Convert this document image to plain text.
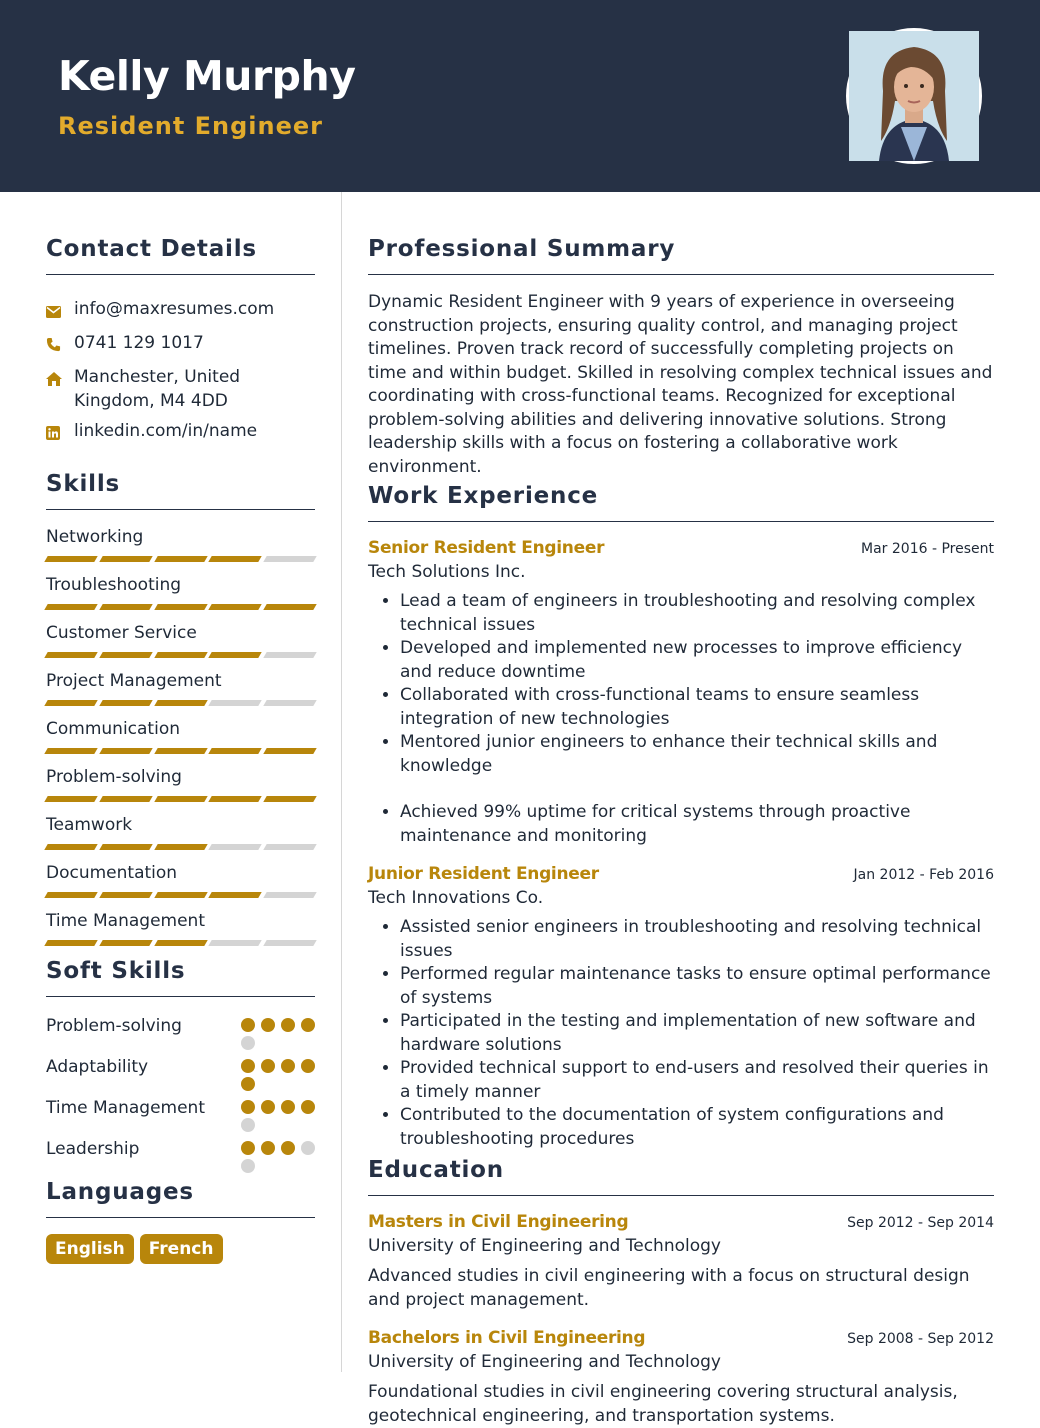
Kelly Murphy
Resident Engineer
Contact Details
info@maxresumes.com
0741 129 1017
Manchester, United Kingdom, M4 4DD
linkedin.com/in/name
Skills
Networking
Troubleshooting
Customer Service
Project Management
Communication
Problem-solving
Teamwork
Documentation
Time Management
Soft Skills
Problem-solving
Adaptability
Time Management
Leadership
Languages
English	French
Professional Summary
Dynamic Resident Engineer with 9 years of experience in overseeing construction projects, ensuring quality control, and managing project timelines. Proven track record of successfully completing projects on time and within budget. Skilled in resolving complex technical issues and coordinating with cross-functional teams. Recognized for exceptional problem-solving abilities and delivering innovative solutions. Strong leadership skills with a focus on fostering a collaborative work environment.
Work Experience
Senior Resident Engineer	Mar 2016 - Present
Tech Solutions Inc.
• Lead a team of engineers in troubleshooting and resolving complex technical issues
• Developed and implemented new processes to improve efficiency and reduce downtime
• Collaborated with cross-functional teams to ensure seamless integration of new technologies
• Mentored junior engineers to enhance their technical skills and knowledge
• Achieved 99% uptime for critical systems through proactive maintenance and monitoring
Junior Resident Engineer	Jan 2012 - Feb 2016
Tech Innovations Co.
• Assisted senior engineers in troubleshooting and resolving technical issues
• Performed regular maintenance tasks to ensure optimal performance of systems
• Participated in the testing and implementation of new software and hardware solutions
• Provided technical support to end-users and resolved their queries in a timely manner
• Contributed to the documentation of system configurations and troubleshooting procedures
Education
Masters in Civil Engineering	Sep 2012 - Sep 2014
University of Engineering and Technology
Advanced studies in civil engineering with a focus on structural design and project management.
Bachelors in Civil Engineering	Sep 2008 - Sep 2012
University of Engineering and Technology
Foundational studies in civil engineering covering structural analysis, geotechnical engineering, and transportation systems.
